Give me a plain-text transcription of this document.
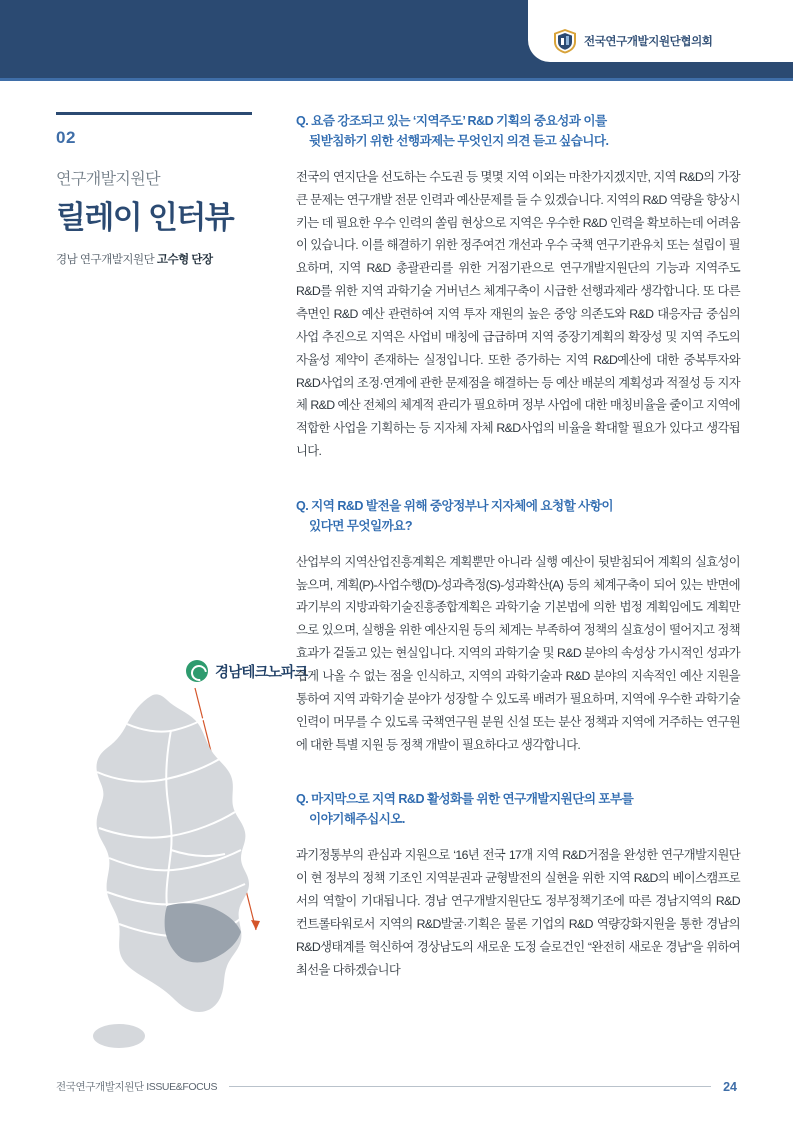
전국연구개발지원단협의회
02
연구개발지원단
릴레이 인터뷰
경남 연구개발지원단 고수형 단장
경남테크노파크
Q. 요즘 강조되고 있는 ‘지역주도’ R&D 기획의 중요성과 이를
뒷받침하기 위한 선행과제는 무엇인지 의견 듣고 싶습니다.
전국의 연지단을 선도하는 수도권 등 몇몇 지역 이외는 마찬가지겠지만, 지역 R&D의 가장 큰 문제는 연구개발 전문 인력과 예산문제를 들 수 있겠습니다. 지역의 R&D 역량을 향상시키는 데 필요한 우수 인력의 쏠림 현상으로 지역은 우수한 R&D 인력을 확보하는데 어려움이 있습니다. 이를 해결하기 위한 정주여건 개선과 우수 국책 연구기관유치 또는 설립이 필요하며, 지역 R&D 총괄관리를 위한 거점기관으로 연구개발지원단의 기능과 지역주도 R&D를 위한 지역 과학기술 거버넌스 체계구축이 시급한 선행과제라 생각합니다. 또 다른 측면인 R&D 예산 관련하여 지역 투자 재원의 높은 중앙 의존도와 R&D 대응자금 중심의 사업 추진으로 지역은 사업비 매칭에 급급하며 지역 중장기계획의 확장성 및 지역 주도의 자율성 제약이 존재하는 실정입니다. 또한 증가하는 지역 R&D예산에 대한 중복투자와 R&D사업의 조정·연계에 관한 문제점을 해결하는 등 예산 배분의 계획성과 적절성 등 지자체 R&D 예산 전체의 체계적 관리가 필요하며 정부 사업에 대한 매칭비율을 줄이고 지역에 적합한 사업을 기획하는 등 지자체 자체 R&D사업의 비율을 확대할 필요가 있다고 생각됩니다.
Q. 지역 R&D 발전을 위해 중앙정부나 지자체에 요청할 사항이
있다면 무엇일까요?
산업부의 지역산업진흥계획은 계획뿐만 아니라 실행 예산이 뒷받침되어 계획의 실효성이 높으며, 계획(P)-사업수행(D)-성과측정(S)-성과확산(A) 등의 체계구축이 되어 있는 반면에 과기부의 지방과학기술진흥종합계획은 과학기술 기본법에 의한 법정 계획임에도 계획만으로 있으며, 실행을 위한 예산지원 등의 체계는 부족하여 정책의 실효성이 떨어지고 정책 효과가 겉돌고 있는 현실입니다. 지역의 과학기술 및 R&D 분야의 속성상 가시적인 성과가 쉽게 나올 수 없는 점을 인식하고, 지역의 과학기술과 R&D 분야의 지속적인 예산 지원을 통하여 지역 과학기술 분야가 성장할 수 있도록 배려가 필요하며, 지역에 우수한 과학기술 인력이 머무를 수 있도록 국책연구원 분원 신설 또는 분산 정책과 지역에 거주하는 연구원에 대한 특별 지원 등 정책 개발이 필요하다고 생각합니다.
Q. 마지막으로 지역 R&D 활성화를 위한 연구개발지원단의 포부를
이야기해주십시오.
과기정통부의 관심과 지원으로 ‘16년 전국 17개 지역 R&D거점을 완성한 연구개발지원단이 현 정부의 정책 기조인 지역분권과 균형발전의 실현을 위한 지역 R&D의 베이스캠프로서의 역할이 기대됩니다. 경남 연구개발지원단도 정부정책기조에 따른 경남지역의 R&D 컨트롤타워로서 지역의 R&D발굴·기획은 물론 기업의 R&D 역량강화지원을 통한 경남의 R&D생태계를 혁신하여 경상남도의 새로운 도정 슬로건인 “완전히 새로운 경남”을 위하여 최선을 다하겠습니다
전국연구개발지원단 ISSUE&FOCUS	24
